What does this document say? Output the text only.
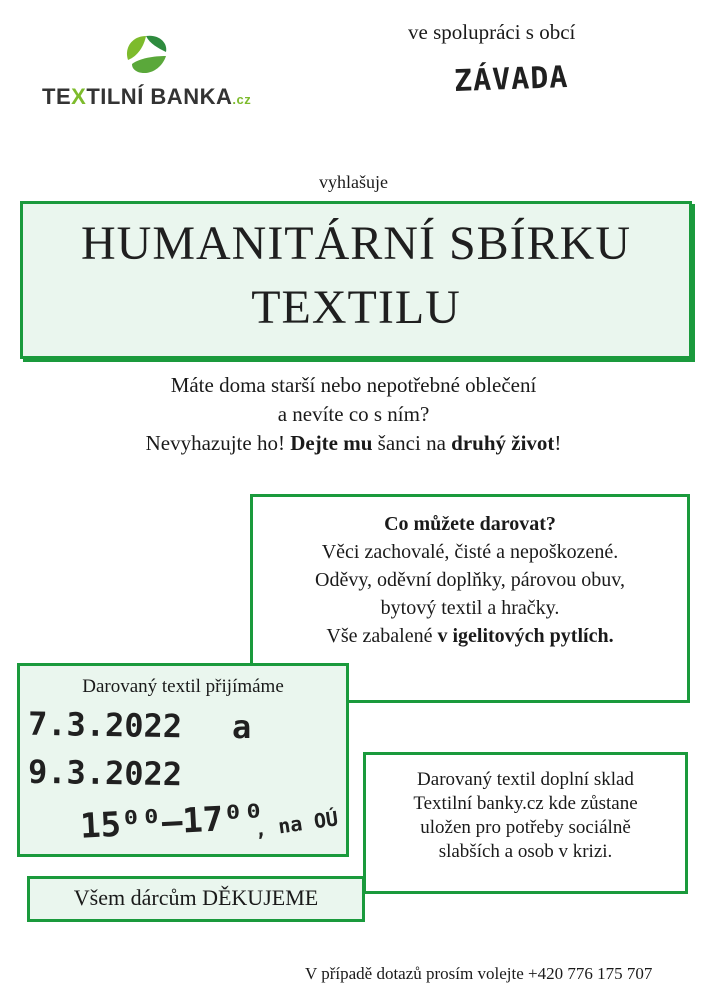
TEXTILNÍ BANKA.cz
ve spolupráci s obcí
ZÁVADA
vyhlašuje
HUMANITÁRNÍ SBÍRKU
TEXTILU
Máte doma starší nebo nepotřebné oblečení
a nevíte co s ním?
Nevyhazujte ho! Dejte mu šanci na druhý život!
Co můžete darovat?
Věci zachovalé, čisté a nepoškozené.
Oděvy, oděvní doplňky, párovou obuv,
bytový textil a hračky.
Vše zabalené v igelitových pytlích.
Darovaný textil přijímáme
7.3.2022 a
9.3.2022
15⁰⁰–17⁰⁰
, na OÚ
Darovaný textil doplní sklad
Textilní banky.cz kde zůstane
uložen pro potřeby sociálně
slabších a osob v krizi.
Všem dárcům DĚKUJEME
V případě dotazů prosím volejte +420 776 175 707
